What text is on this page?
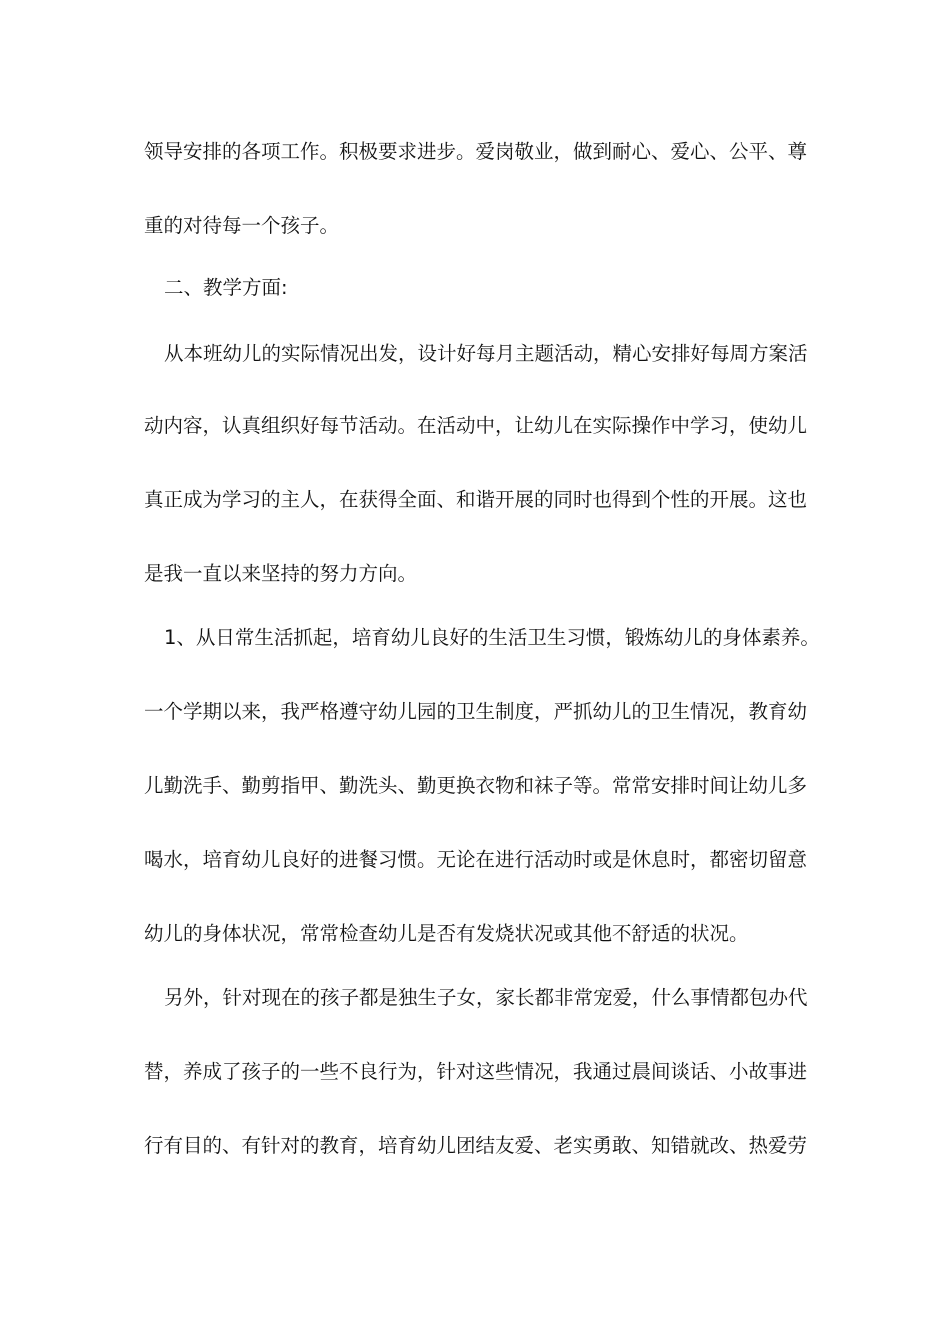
领导安排的各项工作。积极要求进步。爱岗敬业，做到耐心、爱心、公平、尊
重的对待每一个孩子。
二、教学方面:
从本班幼儿的实际情况出发，设计好每月主题活动，精心安排好每周方案活
动内容，认真组织好每节活动。在活动中，让幼儿在实际操作中学习，使幼儿
真正成为学习的主人，在获得全面、和谐开展的同时也得到个性的开展。这也
是我一直以来坚持的努力方向。
1、从日常生活抓起，培育幼儿良好的生活卫生习惯，锻炼幼儿的身体素养。
一个学期以来，我严格遵守幼儿园的卫生制度，严抓幼儿的卫生情况，教育幼
儿勤洗手、勤剪指甲、勤洗头、勤更换衣物和袜子等。常常安排时间让幼儿多
喝水，培育幼儿良好的进餐习惯。无论在进行活动时或是休息时，都密切留意
幼儿的身体状况，常常检查幼儿是否有发烧状况或其他不舒适的状况。
另外，针对现在的孩子都是独生子女，家长都非常宠爱，什么事情都包办代
替，养成了孩子的一些不良行为，针对这些情况，我通过晨间谈话、小故事进
行有目的、有针对的教育，培育幼儿团结友爱、老实勇敢、知错就改、热爱劳
